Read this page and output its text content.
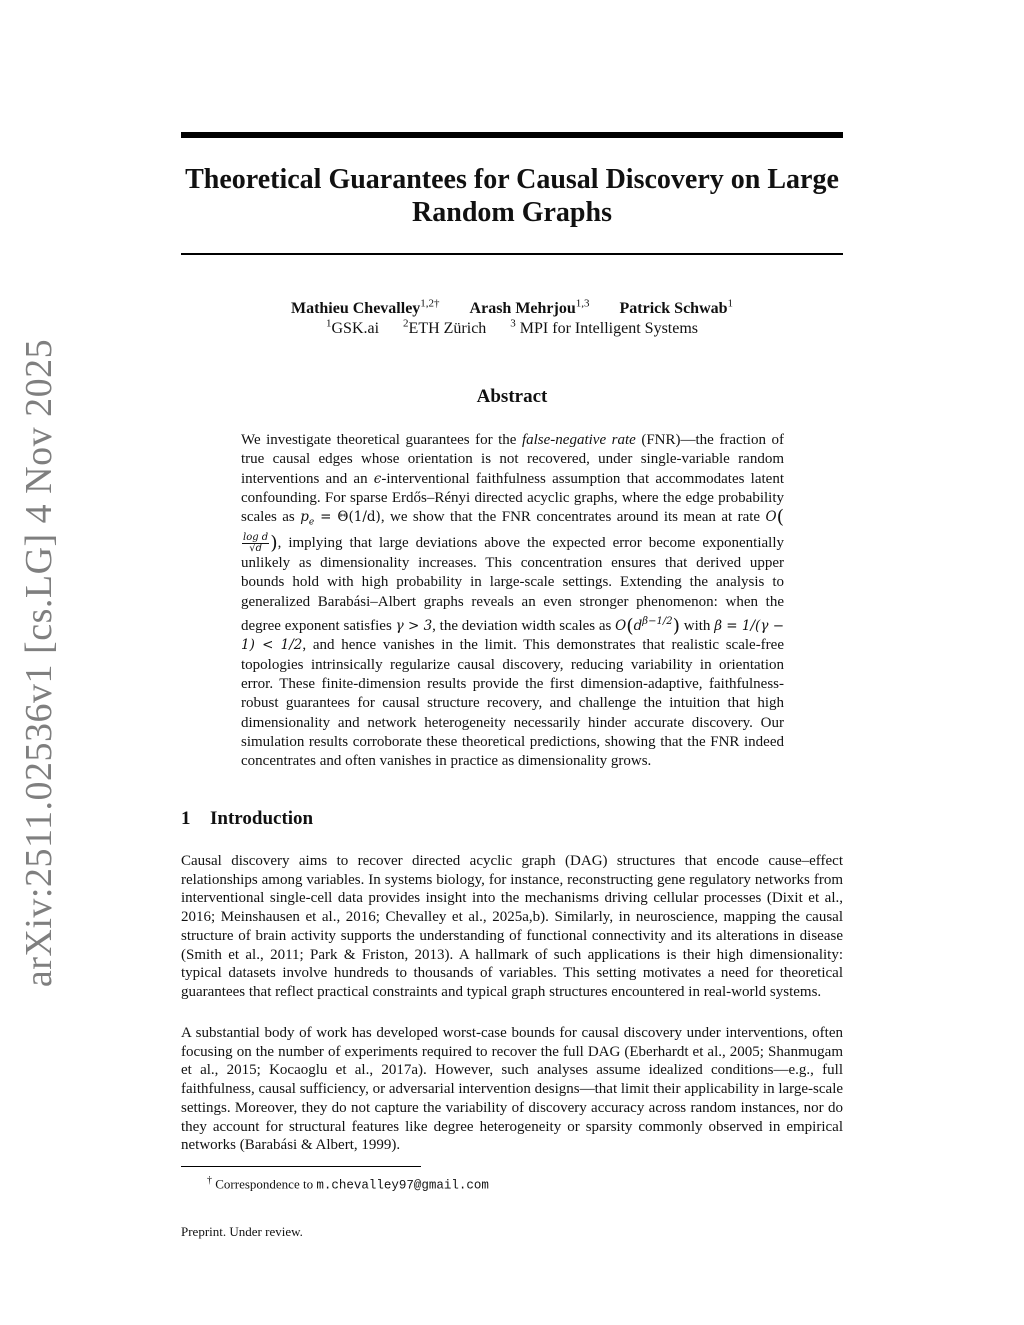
arXiv:2511.02536v1 [cs.LG] 4 Nov 2025
Theoretical Guarantees for Causal Discovery on Large Random Graphs
Mathieu Chevalley$^{1,2\dagger}$ Arash Mehrjou$^{1,3}$ Patrick Schwab$^1$
$^1$GSK.ai $^2$ETH Zürich $^3$ MPI for Intelligent Systems
Abstract
We investigate theoretical guarantees for the false-negative rate (FNR)—the fraction of true causal edges whose orientation is not recovered, under single-variable random interventions and an ϵ-interventional faithfulness assumption that accommodates latent confounding. For sparse Erdős–Rényi directed acyclic graphs, where the edge probability scales as $p_e = \Theta(1/d)$, we show that the FNR concentrates around its mean at rate O(
$\frac{\text{log d}}{√d}$ ), implying that large deviations above the expected error become exponentially unlikely as dimensionality increases. This concentration ensures that derived upper bounds hold with high probability in large-scale settings. Extending the analysis to generalized Barabási–Albert graphs reveals an even stronger phenomenon: when the degree exponent satisfies γ > 3, the deviation width scales as $O(d^{\beta-1/2})$ with β = 1/(γ − 1) < 1/2, and hence vanishes in the limit. This demonstrates that realistic scale-free topologies intrinsically regularize causal discovery, reducing variability in orientation error. These finite-dimension results provide the first dimension-adaptive, faithfulness-robust guarantees for causal structure recovery, and challenge the intuition that high dimensionality and network heterogeneity necessarily hinder accurate discovery. Our simulation results corroborate these theoretical predictions, showing that the FNR indeed concentrates and often vanishes in practice as dimensionality grows.
1 Introduction

Causal discovery aims to recover directed acyclic graph (DAG) structures that encode cause–effect relationships among variables. In systems biology, for instance, reconstructing gene regulatory networks from interventional single-cell data provides insight into the mechanisms driving cellular processes (Dixit et al., 2016; Meinshausen et al., 2016; Chevalley et al., 2025a,b). Similarly, in neuroscience, mapping the causal structure of brain activity supports the understanding of functional connectivity and its alterations in disease (Smith et al., 2011; Park & Friston, 2013). A hallmark of such applications is their high dimensionality: typical datasets involve hundreds to thousands of variables. This setting motivates a need for theoretical guarantees that reflect practical constraints and typical graph structures encountered in real-world systems.

A substantial body of work has developed worst-case bounds for causal discovery under interventions, often focusing on the number of experiments required to recover the full DAG (Eberhardt et al., 2005; Shanmugam et al., 2015; Kocaoglu et al., 2017a). However, such analyses assume idealized conditions—e.g., full faithfulness, causal sufficiency, or adversarial intervention designs—that limit their applicability in large-scale settings. Moreover, they do not capture the variability of discovery accuracy across random instances, nor do they account for structural features like degree heterogeneity or sparsity commonly observed in empirical networks (Barabási & Albert, 1999).

† Correspondence to m.chevalley97@gmail.com
Preprint. Under review.
